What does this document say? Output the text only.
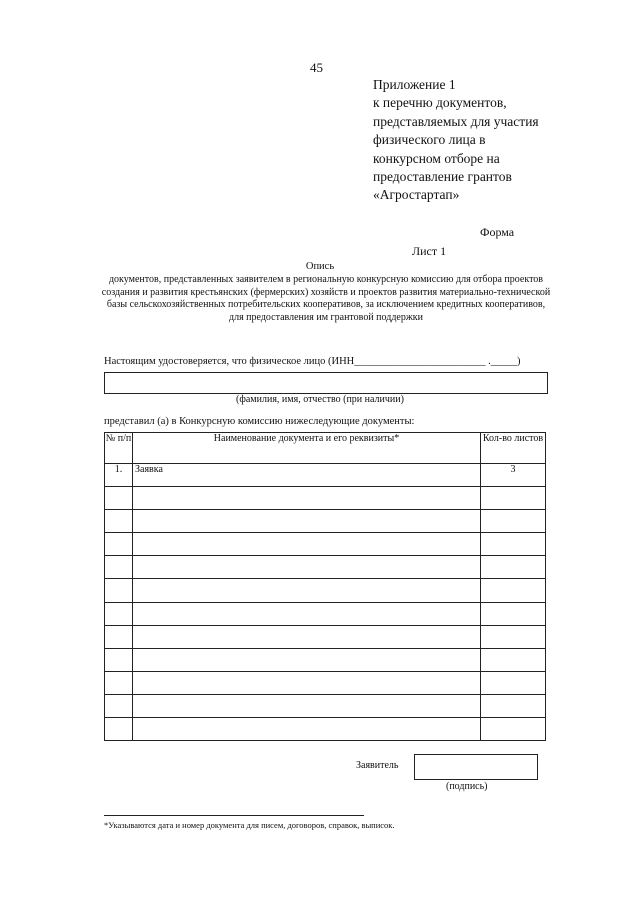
45
Приложение 1
к перечню документов,
представляемых для участия
физического лица в
конкурсном отборе на
предоставление грантов
«Агростартап»
Форма
Лист 1
Опись
документов, представленных заявителем в региональную конкурсную комиссию для отбора проектов создания и развития крестьянских (фермерских) хозяйств и проектов развития материально-технической базы сельскохозяйственных потребительских кооперативов, за исключением кредитных кооперативов, для предоставления им грантовой поддержки
Настоящим удостоверяется, что физическое лицо (ИНН_________________________ ._____)
(фамилия, имя, отчество (при наличии)
представил (а) в Конкурсную комиссию нижеследующие документы:
№ п/п	Наименование документа и его реквизиты*	Кол-во листов
1.	Заявка	3

Заявитель
(подпись)
*Указываются дата и номер документа для писем, договоров, справок, выписок.
